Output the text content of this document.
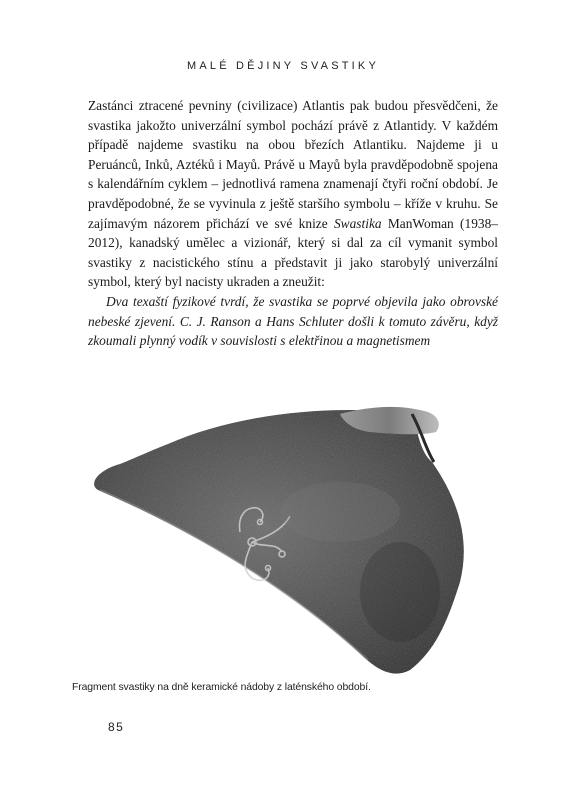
MALÉ DĚJINY SVASTIKY

Zastánci ztracené pevniny (civilizace) Atlantis pak budou přesvědčeni, že svastika jakožto univerzální symbol pochází právě z Atlantidy. V každém případě najdeme svastiku na obou březích Atlantiku. Najdeme ji u Peruánců, Inků, Aztéků i Mayů. Právě u Mayů byla pravděpodobně spojena s kalendářním cyklem – jednotlivá ramena znamenají čtyři roční období. Je pravděpodobné, že se vyvinula z ještě staršího symbolu – kříže v kruhu. Se zajímavým názorem přichází ve své knize Swastika ManWoman (1938–2012), kanadský umělec a vizionář, který si dal za cíl vymanit symbol svastiky z nacistického stínu a představit ji jako starobylý univerzální symbol, který byl nacisty ukraden a zneužit:

Dva texaští fyzikové tvrdí, že svastika se poprvé objevila jako obrovské nebeské zjevení. C. J. Ranson a Hans Schluter došli k tomuto závěru, když zkoumali plynný vodík v souvislosti s elektřinou a magnetismem

Fragment svastiky na dně keramické nádoby z laténského období.
85
